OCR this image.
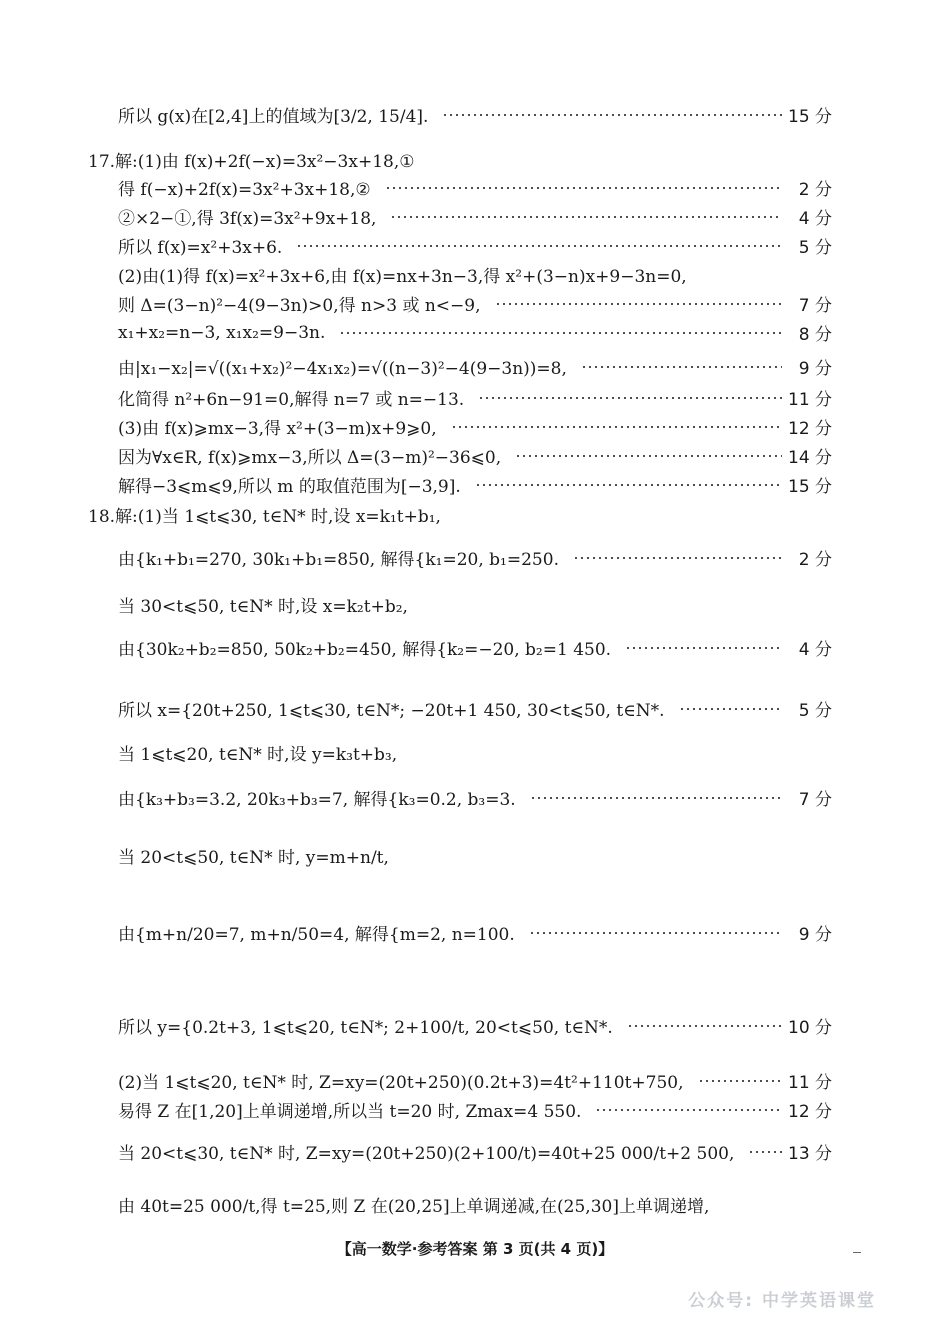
所以 g(x)在[2,4]上的值域为[3/2, 15/4].	15 分
17.解:(1)由 f(x)+2f(−x)=3x²−3x+18,①
得 f(−x)+2f(x)=3x²+3x+18,②	2 分
②×2−①,得 3f(x)=3x²+9x+18,	4 分
所以 f(x)=x²+3x+6.	5 分
(2)由(1)得 f(x)=x²+3x+6,由 f(x)=nx+3n−3,得 x²+(3−n)x+9−3n=0,
则 Δ=(3−n)²−4(9−3n)>0,得 n>3 或 n<−9,	7 分
x₁+x₂=n−3, x₁x₂=9−3n.	8 分
由|x₁−x₂|=√((x₁+x₂)²−4x₁x₂)=√((n−3)²−4(9−3n))=8,	9 分
化简得 n²+6n−91=0,解得 n=7 或 n=−13.	11 分
(3)由 f(x)⩾mx−3,得 x²+(3−m)x+9⩾0,	12 分
因为∀x∈R, f(x)⩾mx−3,所以 Δ=(3−m)²−36⩽0,	14 分
解得−3⩽m⩽9,所以 m 的取值范围为[−3,9].	15 分
18.解:(1)当 1⩽t⩽30, t∈N* 时,设 x=k₁t+b₁,
由{k₁+b₁=270, 30k₁+b₁=850, 解得{k₁=20, b₁=250.	2 分
当 30<t⩽50, t∈N* 时,设 x=k₂t+b₂,
由{30k₂+b₂=850, 50k₂+b₂=450, 解得{k₂=−20, b₂=1 450.	4 分
所以 x={20t+250, 1⩽t⩽30, t∈N*; −20t+1 450, 30<t⩽50, t∈N*.	5 分
当 1⩽t⩽20, t∈N* 时,设 y=k₃t+b₃,
由{k₃+b₃=3.2, 20k₃+b₃=7, 解得{k₃=0.2, b₃=3.	7 分
当 20<t⩽50, t∈N* 时, y=m+n/t,
由{m+n/20=7, m+n/50=4, 解得{m=2, n=100.	9 分
所以 y={0.2t+3, 1⩽t⩽20, t∈N*; 2+100/t, 20<t⩽50, t∈N*.	10 分
(2)当 1⩽t⩽20, t∈N* 时, Z=xy=(20t+250)(0.2t+3)=4t²+110t+750,	11 分
易得 Z 在[1,20]上单调递增,所以当 t=20 时, Zmax=4 550.	12 分
当 20<t⩽30, t∈N* 时, Z=xy=(20t+250)(2+100/t)=40t+25 000/t+2 500,	13 分
由 40t=25 000/t,得 t=25,则 Z 在(20,25]上单调递减,在(25,30]上单调递增,
【高一数学·参考答案 第 3 页(共 4 页)】
公众号: 中学英语课堂
